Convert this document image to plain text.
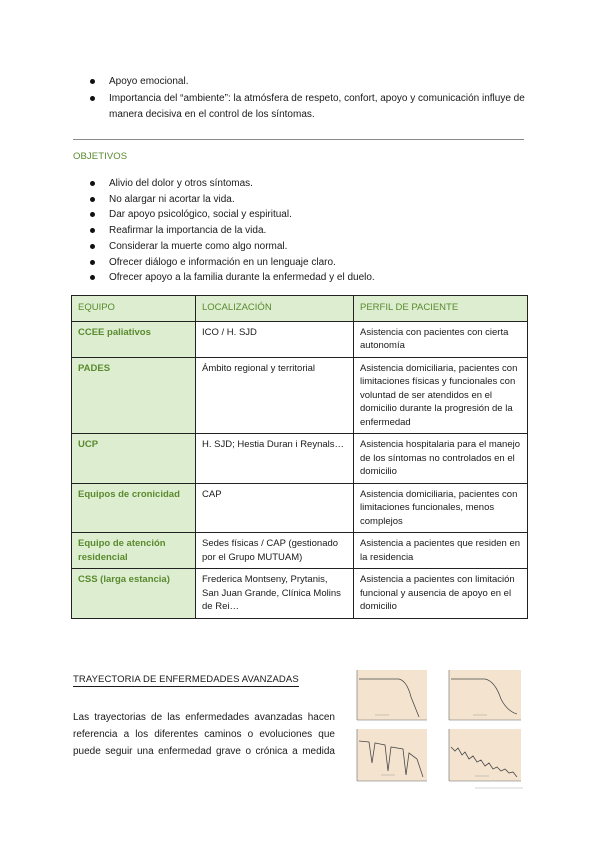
Apoyo emocional.
Importancia del “ambiente”: la atmósfera de respeto, confort, apoyo y comunicación influye de manera decisiva en el control de los síntomas.
OBJETIVOS
Alivio del dolor y otros síntomas.
No alargar ni acortar la vida.
Dar apoyo psicológico, social y espiritual.
Reafirmar la importancia de la vida.
Considerar la muerte como algo normal.
Ofrecer diálogo e información en un lenguaje claro.
Ofrecer apoyo a la familia durante la enfermedad y el duelo.
EQUIPO	LOCALIZACIÓN	PERFIL DE PACIENTE
CCEE paliativos	ICO / H. SJD	Asistencia con pacientes con cierta autonomía
PADES	Ámbito regional y territorial	Asistencia domiciliaria, pacientes con limitaciones físicas y funcionales con voluntad de ser atendidos en el domicilio durante la progresión de la enfermedad
UCP	H. SJD; Hestia Duran i Reynals…	Asistencia hospitalaria para el manejo de los síntomas no controlados en el domicilio
Equipos de cronicidad	CAP	Asistencia domiciliaria, pacientes con limitaciones funcionales, menos complejos
Equipo de atención residencial	Sedes físicas / CAP (gestionado por el Grupo MUTUAM)	Asistencia a pacientes que residen en la residencia
CSS (larga estancia)	Frederica Montseny, Prytanis, San Juan Grande, Clínica Molins de Rei…	Asistencia a pacientes con limitación funcional y ausencia de apoyo en el domicilio
TRAYECTORIA DE ENFERMEDADES AVANZADAS

Las trayectorias de las enfermedades avanzadas hacen referencia a los diferentes caminos o evoluciones que puede seguir una enfermedad grave o crónica a medida
